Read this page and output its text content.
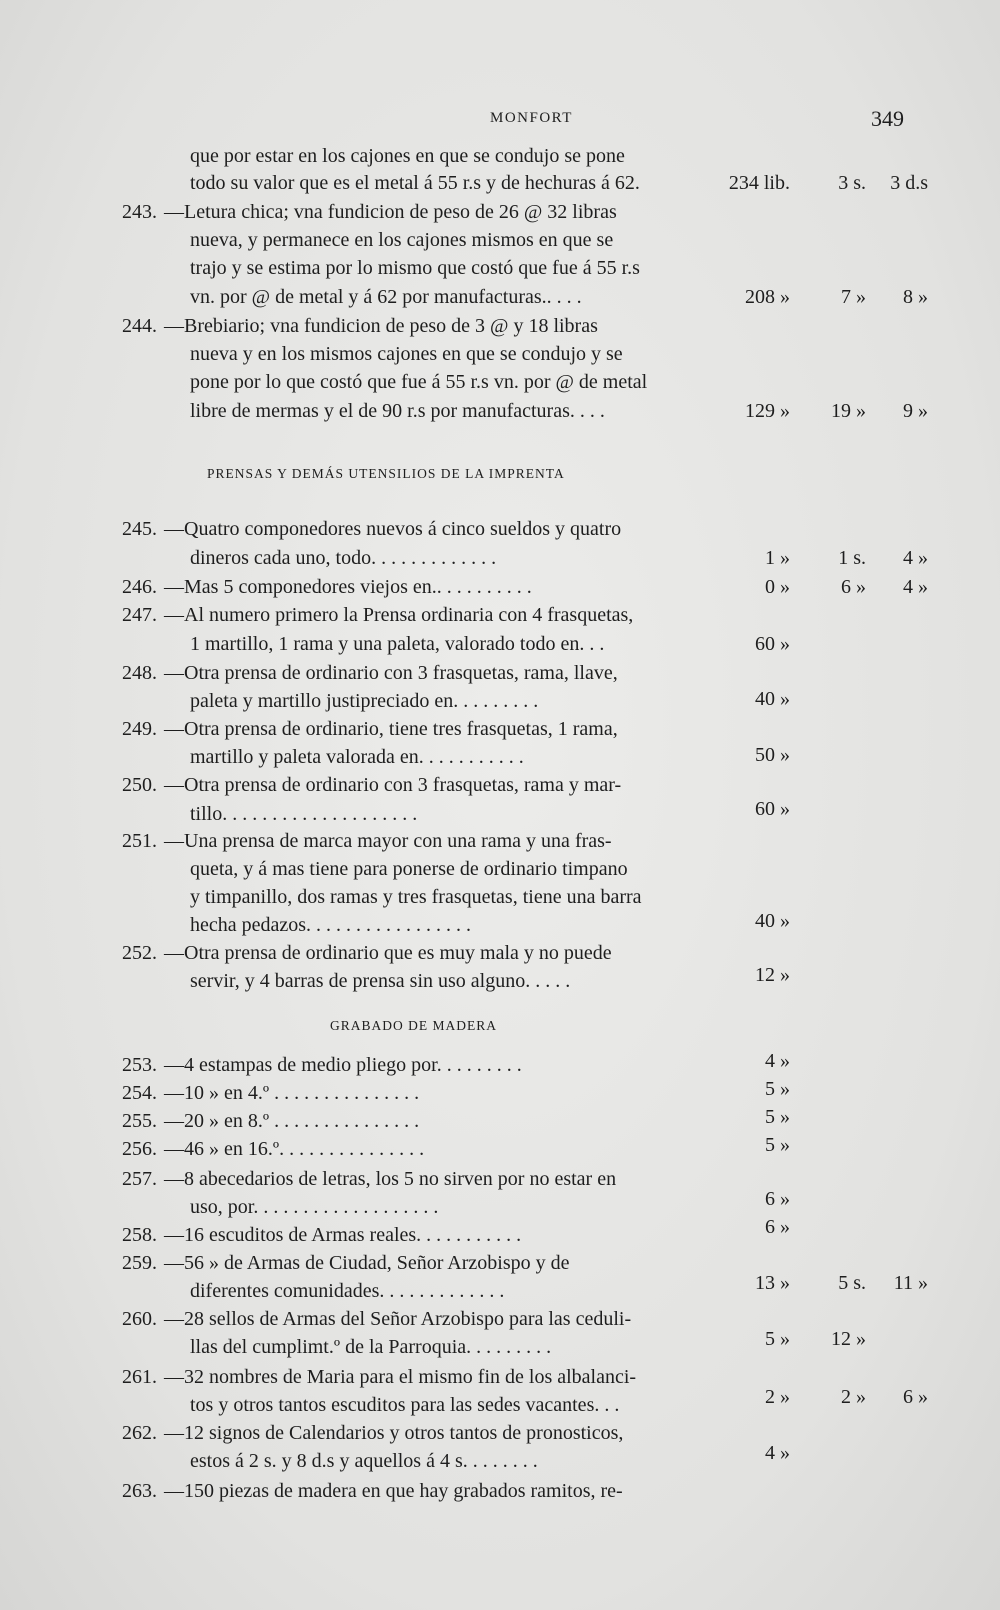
MONFORT	349
que por estar en los cajones en que se condujo se pone
todo su valor que es el metal á 55 r.s y de hechuras á 62.	234 lib.	3 s.	3 d.s
243. —Letura chica; vna fundicion de peso de 26 @ 32 libras
nueva, y permanece en los cajones mismos en que se
trajo y se estima por lo mismo que costó que fue á 55 r.s
vn. por @ de metal y á 62 por manufacturas.. . . .	208 »	7 »	8 »
244. —Brebiario; vna fundicion de peso de 3 @ y 18 libras
nueva y en los mismos cajones en que se condujo y se
pone por lo que costó que fue á 55 r.s vn. por @ de metal
libre de mermas y el de 90 r.s por manufacturas. . . .	129 »	19 »	9 »
PRENSAS Y DEMÁS UTENSILIOS DE LA IMPRENTA
245. —Quatro componedores nuevos á cinco sueldos y quatro
dineros cada uno, todo. . . . . . . . . . . . .	1 »	1 s.	4 »
246. —Mas 5 componedores viejos en.. . . . . . . . . .	0 »	6 »	4 »
247. —Al numero primero la Prensa ordinaria con 4 frasquetas,
1 martillo, 1 rama y una paleta, valorado todo en. . .	60 »
248. —Otra prensa de ordinario con 3 frasquetas, rama, llave,
paleta y martillo justipreciado en. . . . . . . . .	40 »
249. —Otra prensa de ordinario, tiene tres frasquetas, 1 rama,
martillo y paleta valorada en. . . . . . . . . . .	50 »
250. —Otra prensa de ordinario con 3 frasquetas, rama y mar-
tillo. . . . . . . . . . . . . . . . . . . .	60 »
251. —Una prensa de marca mayor con una rama y una fras-
queta, y á mas tiene para ponerse de ordinario timpano
y timpanillo, dos ramas y tres frasquetas, tiene una barra
hecha pedazos. . . . . . . . . . . . . . . . .	40 »
252. —Otra prensa de ordinario que es muy mala y no puede
servir, y 4 barras de prensa sin uso alguno. . . . .	12 »
GRABADO DE MADERA
253. —4 estampas de medio pliego por. . . . . . . . .	4 »
254. —10 » en 4.º . . . . . . . . . . . . . . .	5 »
255. —20 » en 8.º . . . . . . . . . . . . . . .	5 »
256. —46 » en 16.º. . . . . . . . . . . . . . .	5 »
257. —8 abecedarios de letras, los 5 no sirven por no estar en
uso, por. . . . . . . . . . . . . . . . . . .	6 »
258. —16 escuditos de Armas reales. . . . . . . . . . .	6 »
259. —56 » de Armas de Ciudad, Señor Arzobispo y de
diferentes comunidades. . . . . . . . . . . . .	13 »	5 s.	11 »
260. —28 sellos de Armas del Señor Arzobispo para las ceduli-
llas del cumplimt.º de la Parroquia. . . . . . . . .	5 »	12 »
261. —32 nombres de Maria para el mismo fin de los albalanci-
tos y otros tantos escuditos para las sedes vacantes. . .	2 »	2 »	6 »
262. —12 signos de Calendarios y otros tantos de pronosticos,
estos á 2 s. y 8 d.s y aquellos á 4 s. . . . . . . .	4 »
263. —150 piezas de madera en que hay grabados ramitos, re-
